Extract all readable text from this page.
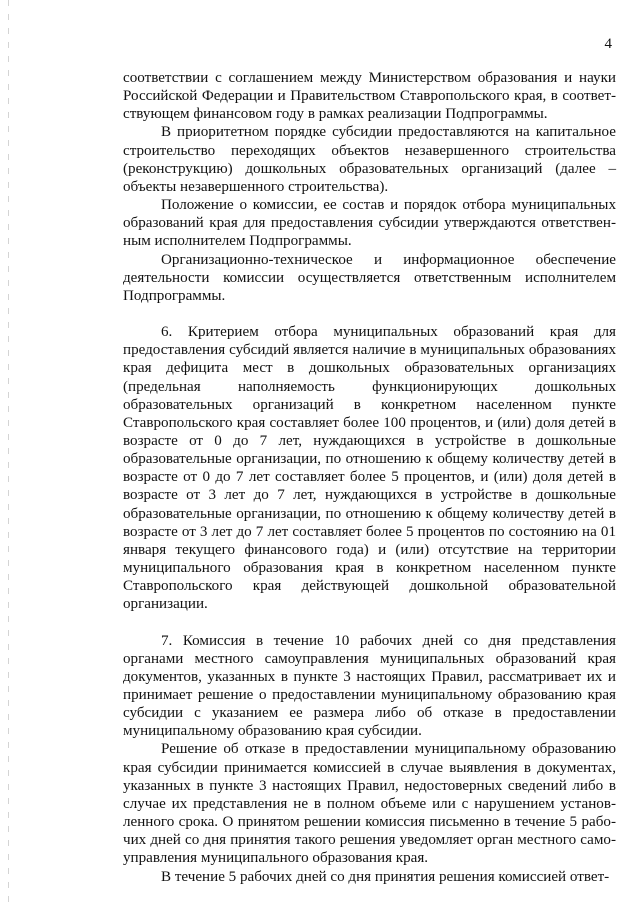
4

соответствии с соглашением между Министерством образования и науки Российской Федерации и Правительством Ставропольского края, в соответствующем финансовом году в рамках реализации Подпрограммы.

В приоритетном порядке субсидии предоставляются на капитальное строительство переходящих объектов незавершенного строительства (реконструкцию) дошкольных образовательных организаций (далее – объекты незавершенного строительства).

Положение о комиссии, ее состав и порядок отбора муниципальных образований края для предоставления субсидии утверждаются ответственным исполнителем Подпрограммы.

Организационно-техническое и информационное обеспечение деятельности комиссии осуществляется ответственным исполнителем Подпрограммы.

6. Критерием отбора муниципальных образований края для предоставления субсидий является наличие в муниципальных образованиях края дефицита мест в дошкольных образовательных организациях (предельная наполняемость функционирующих дошкольных образовательных организаций в конкретном населенном пункте Ставропольского края составляет более 100 процентов, и (или) доля детей в возрасте от 0 до 7 лет, нуждающихся в устройстве в дошкольные образовательные организации, по отношению к общему количеству детей в возрасте от 0 до 7 лет составляет более 5 процентов, и (или) доля детей в возрасте от 3 лет до 7 лет, нуждающихся в устройстве в дошкольные образовательные организации, по отношению к общему количеству детей в возрасте от 3 лет до 7 лет составляет более 5 процентов по состоянию на 01 января текущего финансового года) и (или) отсутствие на территории муниципального образования края в конкретном населенном пункте Ставропольского края действующей дошкольной образовательной организации.

7. Комиссия в течение 10 рабочих дней со дня представления органами местного самоуправления муниципальных образований края документов, указанных в пункте 3 настоящих Правил, рассматривает их и принимает решение о предоставлении муниципальному образованию края субсидии с указанием ее размера либо об отказе в предоставлении муниципальному образованию края субсидии.

Решение об отказе в предоставлении муниципальному образованию края субсидии принимается комиссией в случае выявления в документах, указанных в пункте 3 настоящих Правил, недостоверных сведений либо в случае их представления не в полном объеме или с нарушением установленного срока. О принятом решении комиссия письменно в течение 5 рабочих дней со дня принятия такого решения уведомляет орган местного самоуправления муниципального образования края.

В течение 5 рабочих дней со дня принятия решения комиссией ответ-
